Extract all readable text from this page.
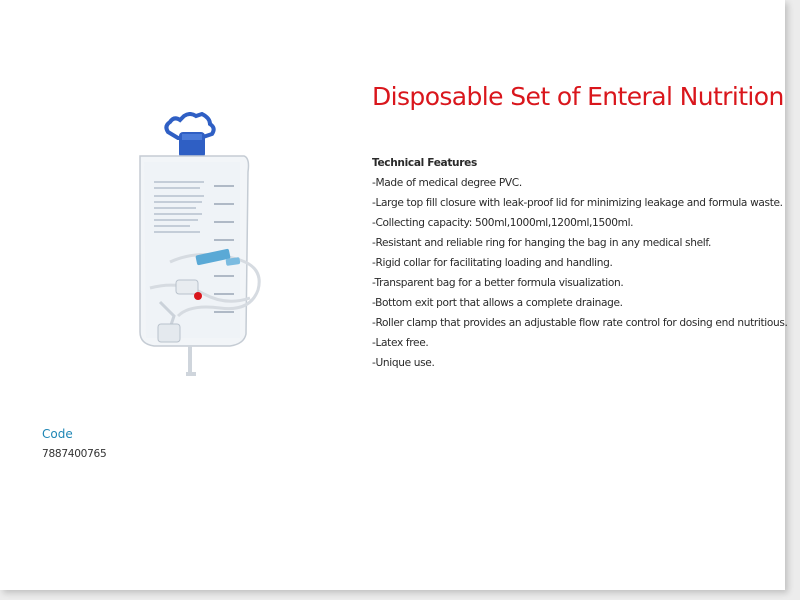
Disposable Set of Enteral Nutrition
Technical Features
-Made of medical degree PVC.
-Large top fill closure with leak-proof lid for minimizing leakage and formula waste.
-Collecting capacity: 500ml,1000ml,1200ml,1500ml.
-Resistant and reliable ring for hanging the bag in any medical shelf.
-Rigid collar for facilitating loading and handling.
-Transparent bag for a better formula visualization.
-Bottom exit port that allows a complete drainage.
-Roller clamp that provides an adjustable flow rate control for dosing end nutritious.
-Latex free.
-Unique use.
Code
7887400765
